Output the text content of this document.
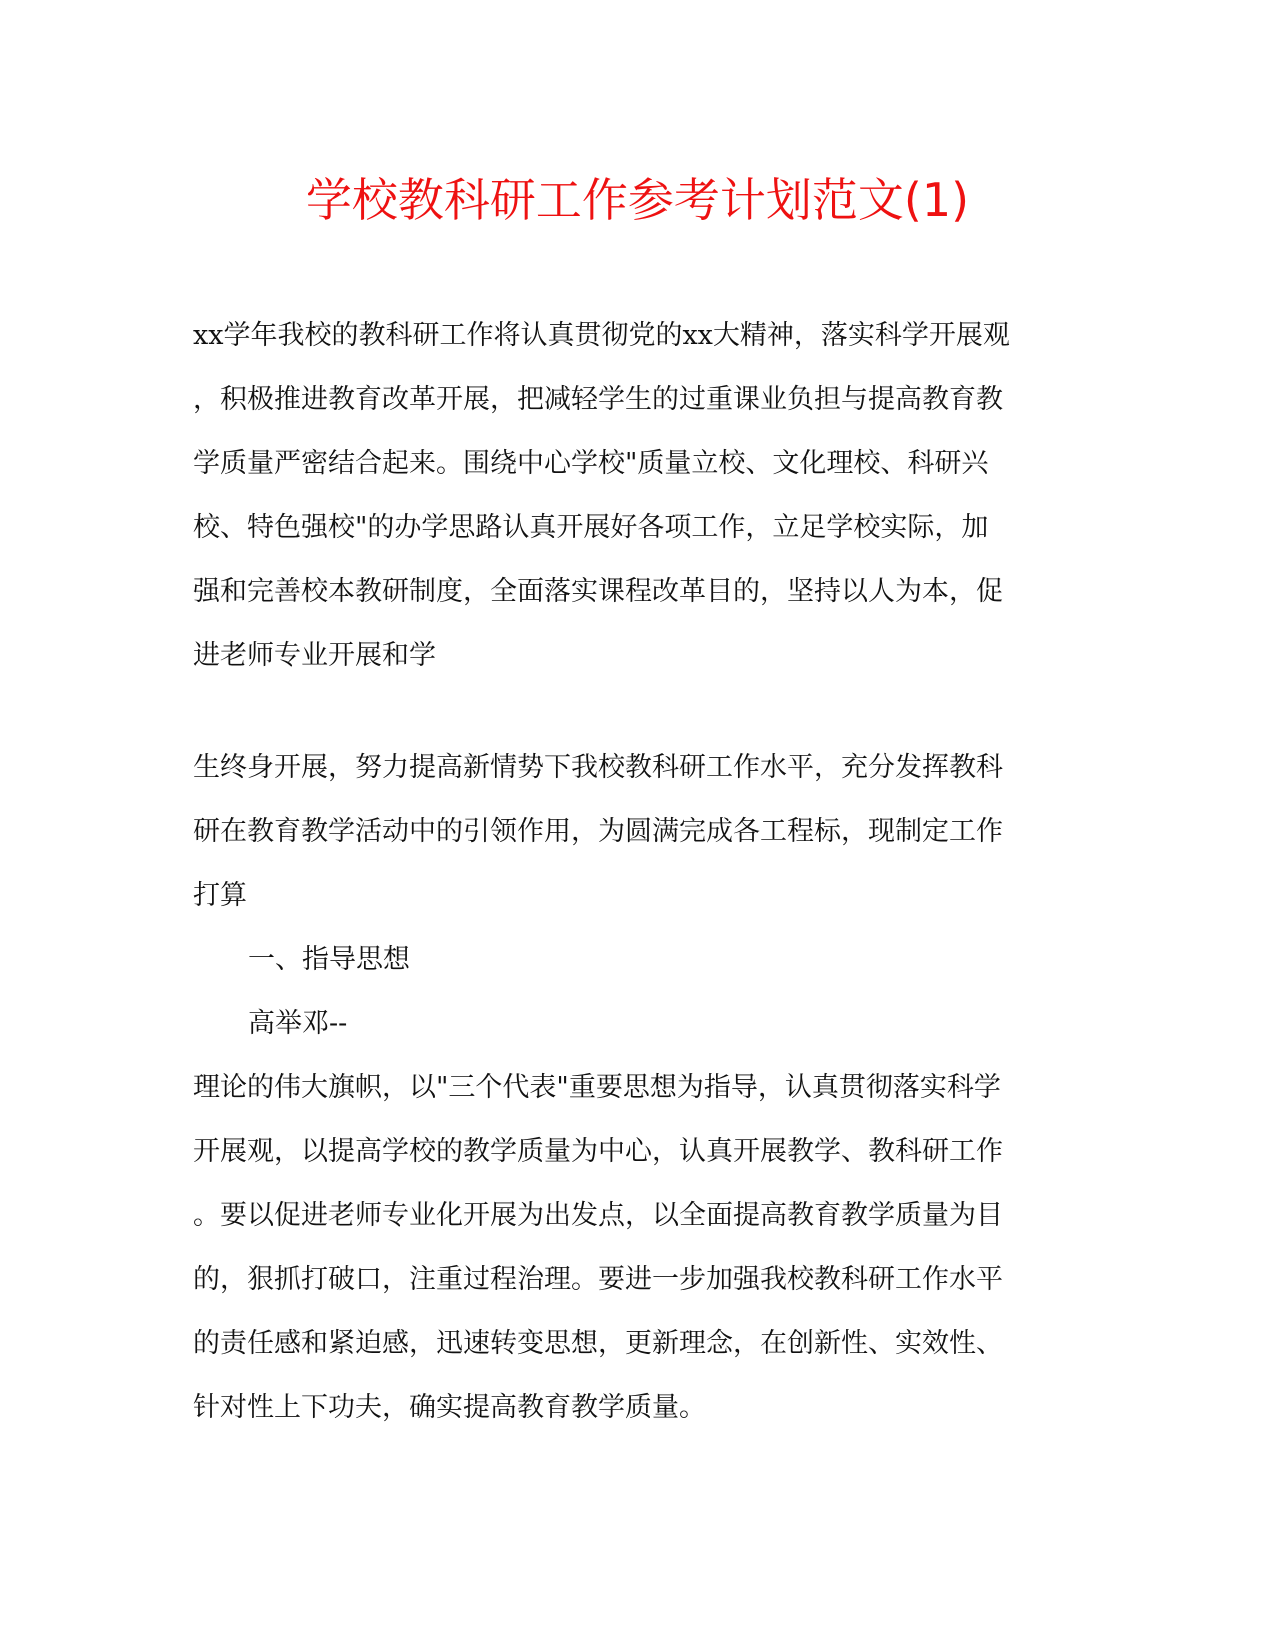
学校教科研工作参考计划范文(1)
xx学年我校的教科研工作将认真贯彻党的xx大精神，落实科学开展观
，积极推进教育改革开展，把减轻学生的过重课业负担与提高教育教
学质量严密结合起来。围绕中心学校"质量立校、文化理校、科研兴
校、特色强校"的办学思路认真开展好各项工作，立足学校实际，加
强和完善校本教研制度，全面落实课程改革目的，坚持以人为本，促
进老师专业开展和学
生终身开展，努力提高新情势下我校教科研工作水平，充分发挥教科
研在教育教学活动中的引领作用，为圆满完成各工程标，现制定工作
打算
一、指导思想
高举邓--
理论的伟大旗帜，以"三个代表"重要思想为指导，认真贯彻落实科学
开展观，以提高学校的教学质量为中心，认真开展教学、教科研工作
。要以促进老师专业化开展为出发点，以全面提高教育教学质量为目
的，狠抓打破口，注重过程治理。要进一步加强我校教科研工作水平
的责任感和紧迫感，迅速转变思想，更新理念，在创新性、实效性、
针对性上下功夫，确实提高教育教学质量。
